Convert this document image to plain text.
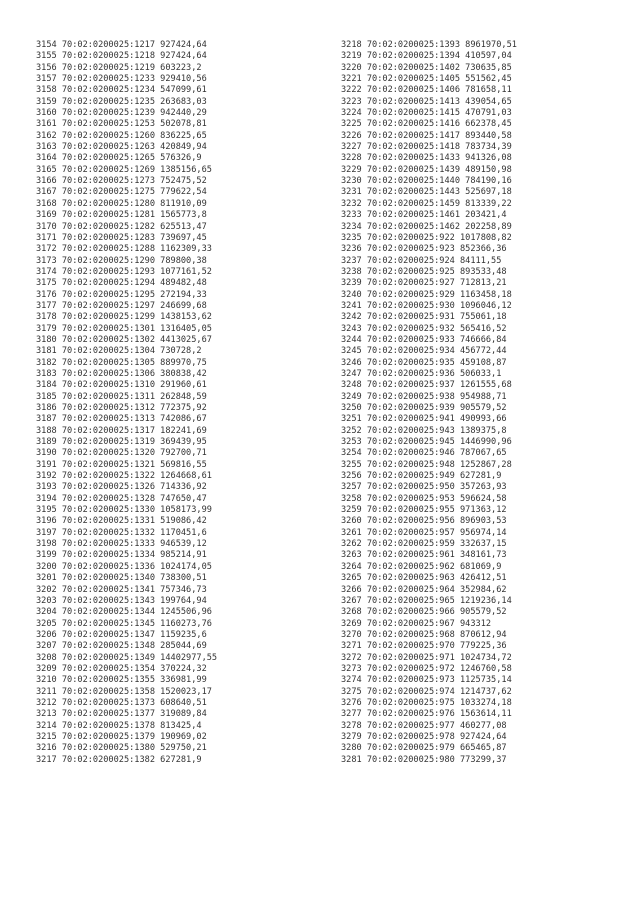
3154 70:02:0200025:1217 927424,64
3155 70:02:0200025:1218 927424,64
3156 70:02:0200025:1219 603223,2
3157 70:02:0200025:1233 929410,56
3158 70:02:0200025:1234 547099,61
3159 70:02:0200025:1235 263683,03
3160 70:02:0200025:1239 942440,29
3161 70:02:0200025:1253 502078,81
3162 70:02:0200025:1260 836225,65
3163 70:02:0200025:1263 420849,94
3164 70:02:0200025:1265 576326,9
3165 70:02:0200025:1269 1385156,65
3166 70:02:0200025:1273 752475,52
3167 70:02:0200025:1275 779622,54
3168 70:02:0200025:1280 811910,09
3169 70:02:0200025:1281 1565773,8
3170 70:02:0200025:1282 625513,47
3171 70:02:0200025:1283 739697,45
3172 70:02:0200025:1288 1162309,33
3173 70:02:0200025:1290 789800,38
3174 70:02:0200025:1293 1077161,52
3175 70:02:0200025:1294 489482,48
3176 70:02:0200025:1295 272194,33
3177 70:02:0200025:1297 246699,68
3178 70:02:0200025:1299 1438153,62
3179 70:02:0200025:1301 1316405,05
3180 70:02:0200025:1302 4413025,67
3181 70:02:0200025:1304 730728,2
3182 70:02:0200025:1305 889970,75
3183 70:02:0200025:1306 380838,42
3184 70:02:0200025:1310 291960,61
3185 70:02:0200025:1311 262848,59
3186 70:02:0200025:1312 772375,92
3187 70:02:0200025:1313 742086,67
3188 70:02:0200025:1317 182241,69
3189 70:02:0200025:1319 369439,95
3190 70:02:0200025:1320 792700,71
3191 70:02:0200025:1321 569816,55
3192 70:02:0200025:1322 1264668,61
3193 70:02:0200025:1326 714336,92
3194 70:02:0200025:1328 747650,47
3195 70:02:0200025:1330 1058173,99
3196 70:02:0200025:1331 519086,42
3197 70:02:0200025:1332 1170451,6
3198 70:02:0200025:1333 946539,12
3199 70:02:0200025:1334 985214,91
3200 70:02:0200025:1336 1024174,05
3201 70:02:0200025:1340 738300,51
3202 70:02:0200025:1341 757346,73
3203 70:02:0200025:1343 199764,94
3204 70:02:0200025:1344 1245506,96
3205 70:02:0200025:1345 1160273,76
3206 70:02:0200025:1347 1159235,6
3207 70:02:0200025:1348 285044,69
3208 70:02:0200025:1349 14402977,55
3209 70:02:0200025:1354 370224,32
3210 70:02:0200025:1355 336981,99
3211 70:02:0200025:1358 1520023,17
3212 70:02:0200025:1373 608640,51
3213 70:02:0200025:1377 319089,84
3214 70:02:0200025:1378 813425,4
3215 70:02:0200025:1379 190969,02
3216 70:02:0200025:1380 529750,21
3217 70:02:0200025:1382 627281,9
3218 70:02:0200025:1393 8961970,51
3219 70:02:0200025:1394 410597,04
3220 70:02:0200025:1402 730635,85
3221 70:02:0200025:1405 551562,45
3222 70:02:0200025:1406 781658,11
3223 70:02:0200025:1413 439054,65
3224 70:02:0200025:1415 470791,03
3225 70:02:0200025:1416 662378,45
3226 70:02:0200025:1417 893440,58
3227 70:02:0200025:1418 783734,39
3228 70:02:0200025:1433 941326,08
3229 70:02:0200025:1439 489150,98
3230 70:02:0200025:1440 784190,16
3231 70:02:0200025:1443 525697,18
3232 70:02:0200025:1459 813339,22
3233 70:02:0200025:1461 203421,4
3234 70:02:0200025:1462 202258,89
3235 70:02:0200025:922 1017808,82
3236 70:02:0200025:923 852366,36
3237 70:02:0200025:924 84111,55
3238 70:02:0200025:925 893533,48
3239 70:02:0200025:927 712813,21
3240 70:02:0200025:929 1163458,18
3241 70:02:0200025:930 1096046,12
3242 70:02:0200025:931 755061,18
3243 70:02:0200025:932 565416,52
3244 70:02:0200025:933 746666,84
3245 70:02:0200025:934 456772,44
3246 70:02:0200025:935 459108,87
3247 70:02:0200025:936 506033,1
3248 70:02:0200025:937 1261555,68
3249 70:02:0200025:938 954988,71
3250 70:02:0200025:939 905579,52
3251 70:02:0200025:941 490993,66
3252 70:02:0200025:943 1389375,8
3253 70:02:0200025:945 1446990,96
3254 70:02:0200025:946 787067,65
3255 70:02:0200025:948 1252867,28
3256 70:02:0200025:949 627281,9
3257 70:02:0200025:950 357263,93
3258 70:02:0200025:953 596624,58
3259 70:02:0200025:955 971363,12
3260 70:02:0200025:956 896903,53
3261 70:02:0200025:957 956974,14
3262 70:02:0200025:959 332637,15
3263 70:02:0200025:961 348161,73
3264 70:02:0200025:962 681069,9
3265 70:02:0200025:963 426412,51
3266 70:02:0200025:964 352984,62
3267 70:02:0200025:965 1219236,14
3268 70:02:0200025:966 905579,52
3269 70:02:0200025:967 943312
3270 70:02:0200025:968 870612,94
3271 70:02:0200025:970 779225,36
3272 70:02:0200025:971 1024734,72
3273 70:02:0200025:972 1246760,58
3274 70:02:0200025:973 1125735,14
3275 70:02:0200025:974 1214737,62
3276 70:02:0200025:975 1033274,18
3277 70:02:0200025:976 1563614,11
3278 70:02:0200025:977 460277,08
3279 70:02:0200025:978 927424,64
3280 70:02:0200025:979 665465,87
3281 70:02:0200025:980 773299,37
